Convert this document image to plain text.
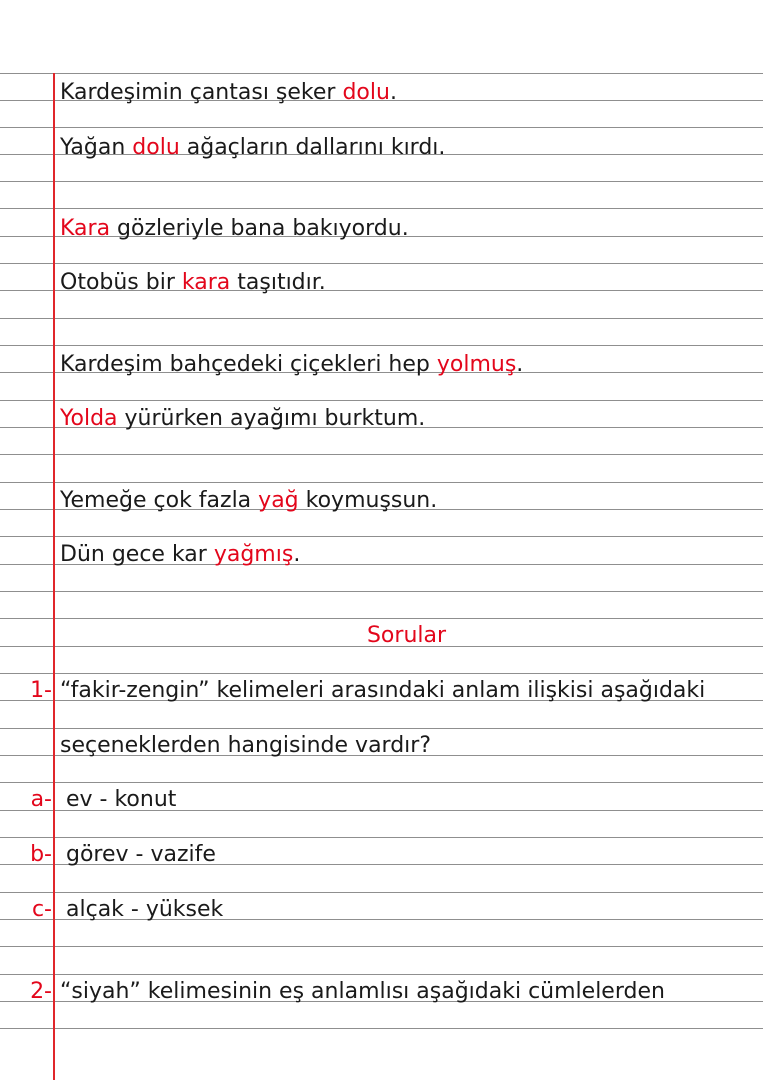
Kardeşimin çantası şeker dolu.
Yağan dolu ağaçların dallarını kırdı.
Kara gözleriyle bana bakıyordu.
Otobüs bir kara taşıtıdır.
Kardeşim bahçedeki çiçekleri hep yolmuş.
Yolda yürürken ayağımı burktum.
Yemeğe çok fazla yağ koymuşsun.
Dün gece kar yağmış.
Sorular
1- “fakir-zengin” kelimeleri arasındaki anlam ilişkisi aşağıdaki
seçeneklerden hangisinde vardır?
a- ev - konut
b- görev - vazife
c- alçak - yüksek
2- “siyah” kelimesinin eş anlamlısı aşağıdaki cümlelerden
